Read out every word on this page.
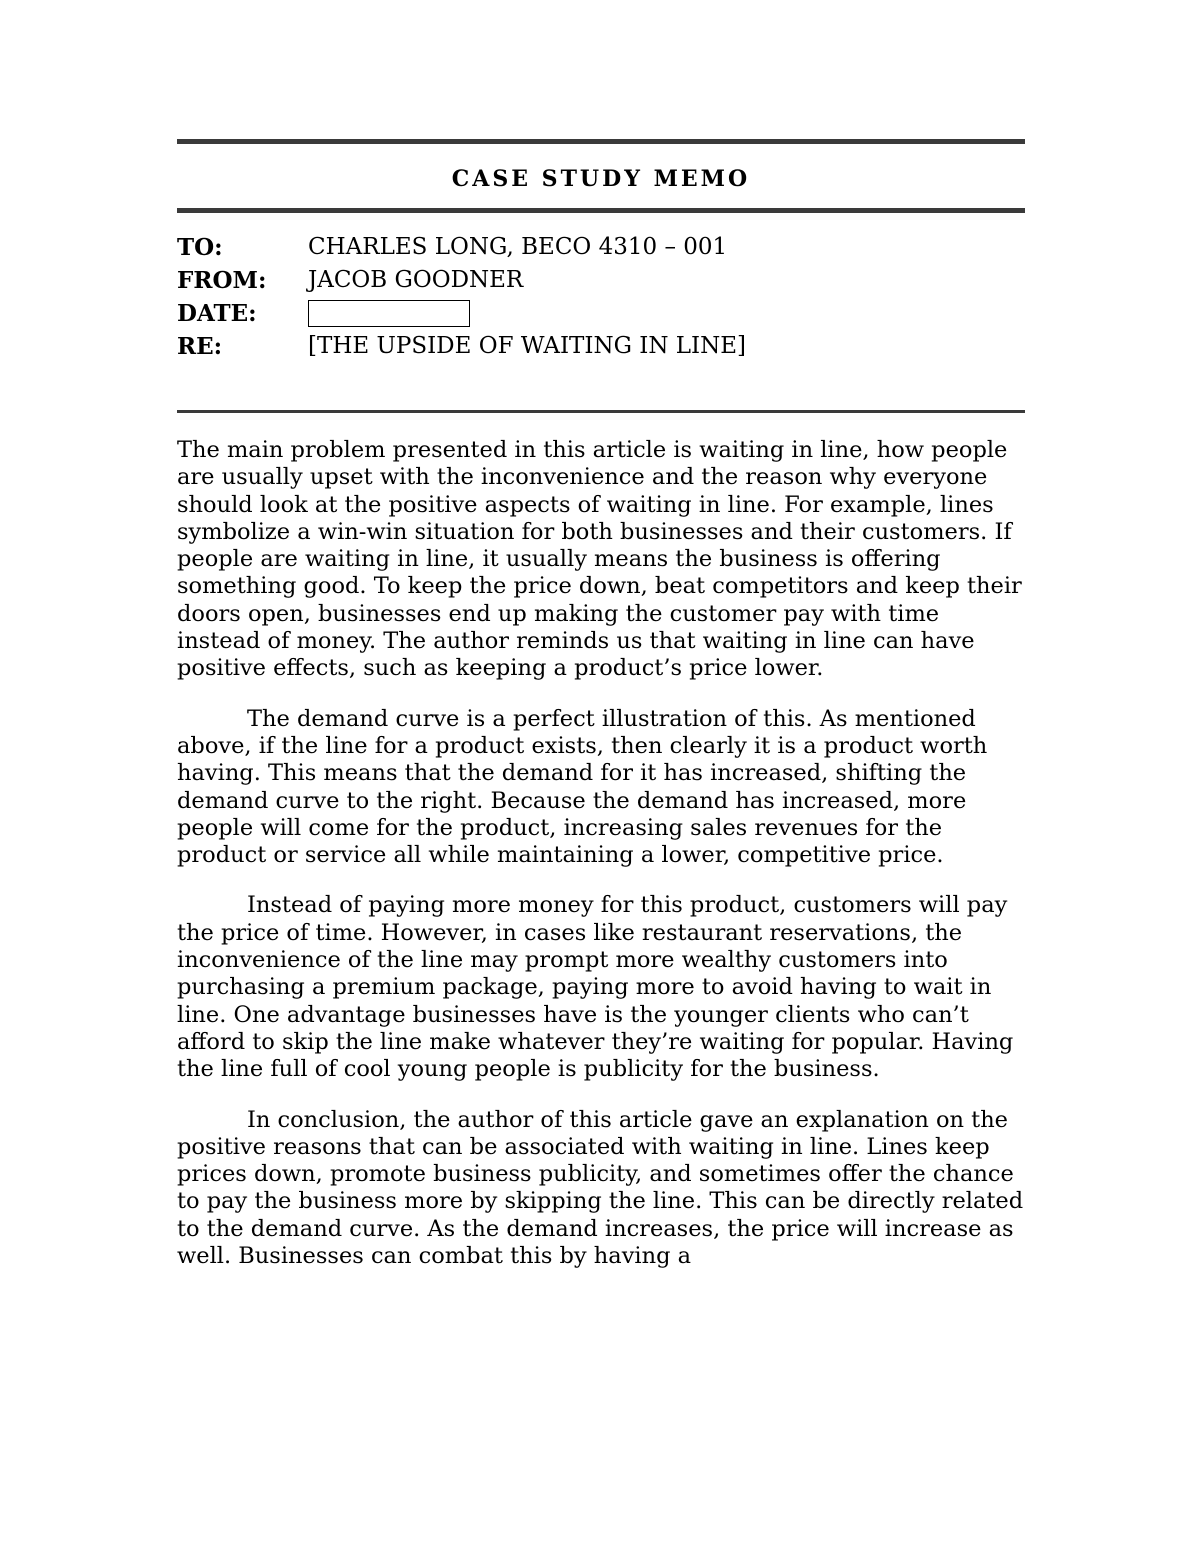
CASE STUDY MEMO
TO:	CHARLES LONG, BECO 4310 – 001
FROM:	JACOB GOODNER
DATE:
RE:	[THE UPSIDE OF WAITING IN LINE]

The main problem presented in this article is waiting in line, how people are usually upset with the inconvenience and the reason why everyone should look at the positive aspects of waiting in line. For example, lines symbolize a win-win situation for both businesses and their customers. If people are waiting in line, it usually means the business is offering something good. To keep the price down, beat competitors and keep their doors open, businesses end up making the customer pay with time instead of money. The author reminds us that waiting in line can have positive effects, such as keeping a product’s price lower.

The demand curve is a perfect illustration of this. As mentioned above, if the line for a product exists, then clearly it is a product worth having. This means that the demand for it has increased, shifting the demand curve to the right. Because the demand has increased, more people will come for the product, increasing sales revenues for the product or service all while maintaining a lower, competitive price.

Instead of paying more money for this product, customers will pay the price of time. However, in cases like restaurant reservations, the inconvenience of the line may prompt more wealthy customers into purchasing a premium package, paying more to avoid having to wait in line. One advantage businesses have is the younger clients who can’t afford to skip the line make whatever they’re waiting for popular. Having the line full of cool young people is publicity for the business.

In conclusion, the author of this article gave an explanation on the positive reasons that can be associated with waiting in line. Lines keep prices down, promote business publicity, and sometimes offer the chance to pay the business more by skipping the line. This can be directly related to the demand curve. As the demand increases, the price will increase as well. Businesses can combat this by having a
